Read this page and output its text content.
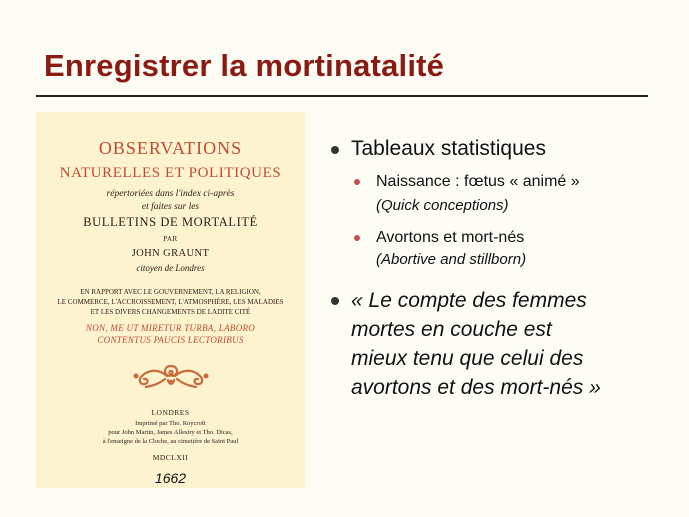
Enregistrer la mortinatalité
OBSERVATIONS
NATURELLES ET POLITIQUES
répertoriées dans l'index ci-après
et faites sur les
BULLETINS DE MORTALITÉ
PAR
JOHN GRAUNT
citoyen de Londres
EN RAPPORT AVEC LE GOUVERNEMENT, LA RELIGION,
LE COMMERCE, L'ACCROISSEMENT, L'ATMOSPHÈRE, LES MALADIES
ET LES DIVERS CHANGEMENTS DE LADITE CITÉ
NON, ME UT MIRETUR TURBA, LABORO
CONTENTUS PAUCIS LECTORIBUS
LONDRES
Imprimé par Tho. Roycroft
pour John Martin, James Allestry et Tho. Dicas,
à l'enseigne de la Cloche, au cimetière de Saint Paul
MDCLXII
1662
Tableaux statistiques
Naissance : fœtus « animé »
(Quick conceptions)
Avortons et mort-nés
(Abortive and stillborn)
« Le compte des femmes
mortes en couche est
mieux tenu que celui des
avortons et des mort-nés »
